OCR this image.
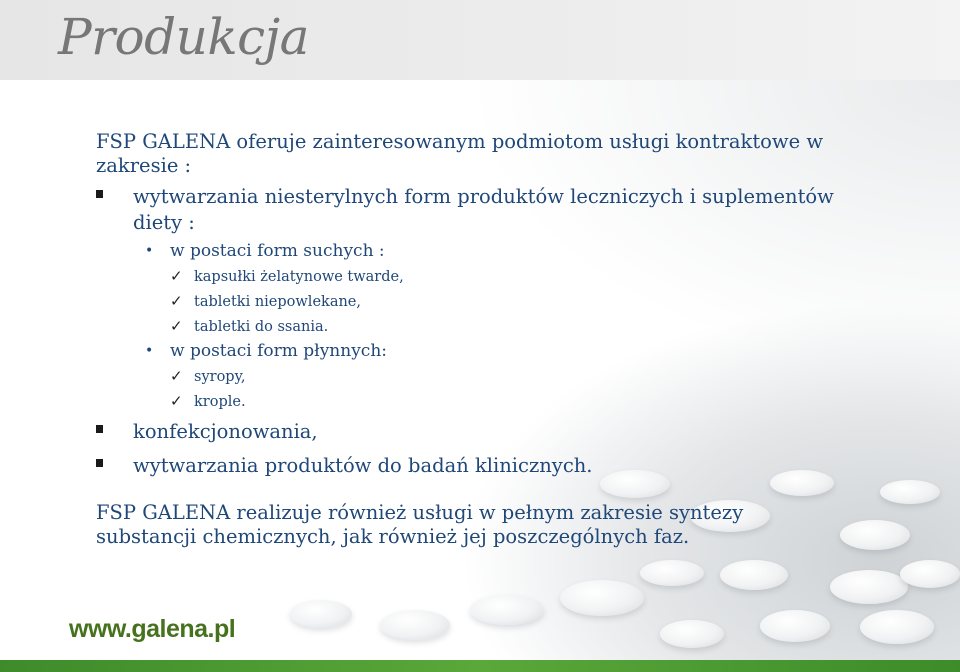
Produkcja

FSP GALENA oferuje zainteresowanym podmiotom usługi kontraktowe w zakresie :

wytwarzania niesterylnych form produktów leczniczych i suplementów diety :
• w postaci form suchych :
✓ kapsułki żelatynowe twarde,
✓ tabletki niepowlekane,
✓ tabletki do ssania.
• w postaci form płynnych:
✓ syropy,
✓ krople.
konfekcjonowania,
wytwarzania produktów do badań klinicznych.

FSP GALENA realizuje również usługi w pełnym zakresie syntezy substancji chemicznych, jak również jej poszczególnych faz.

www.galena.pl
